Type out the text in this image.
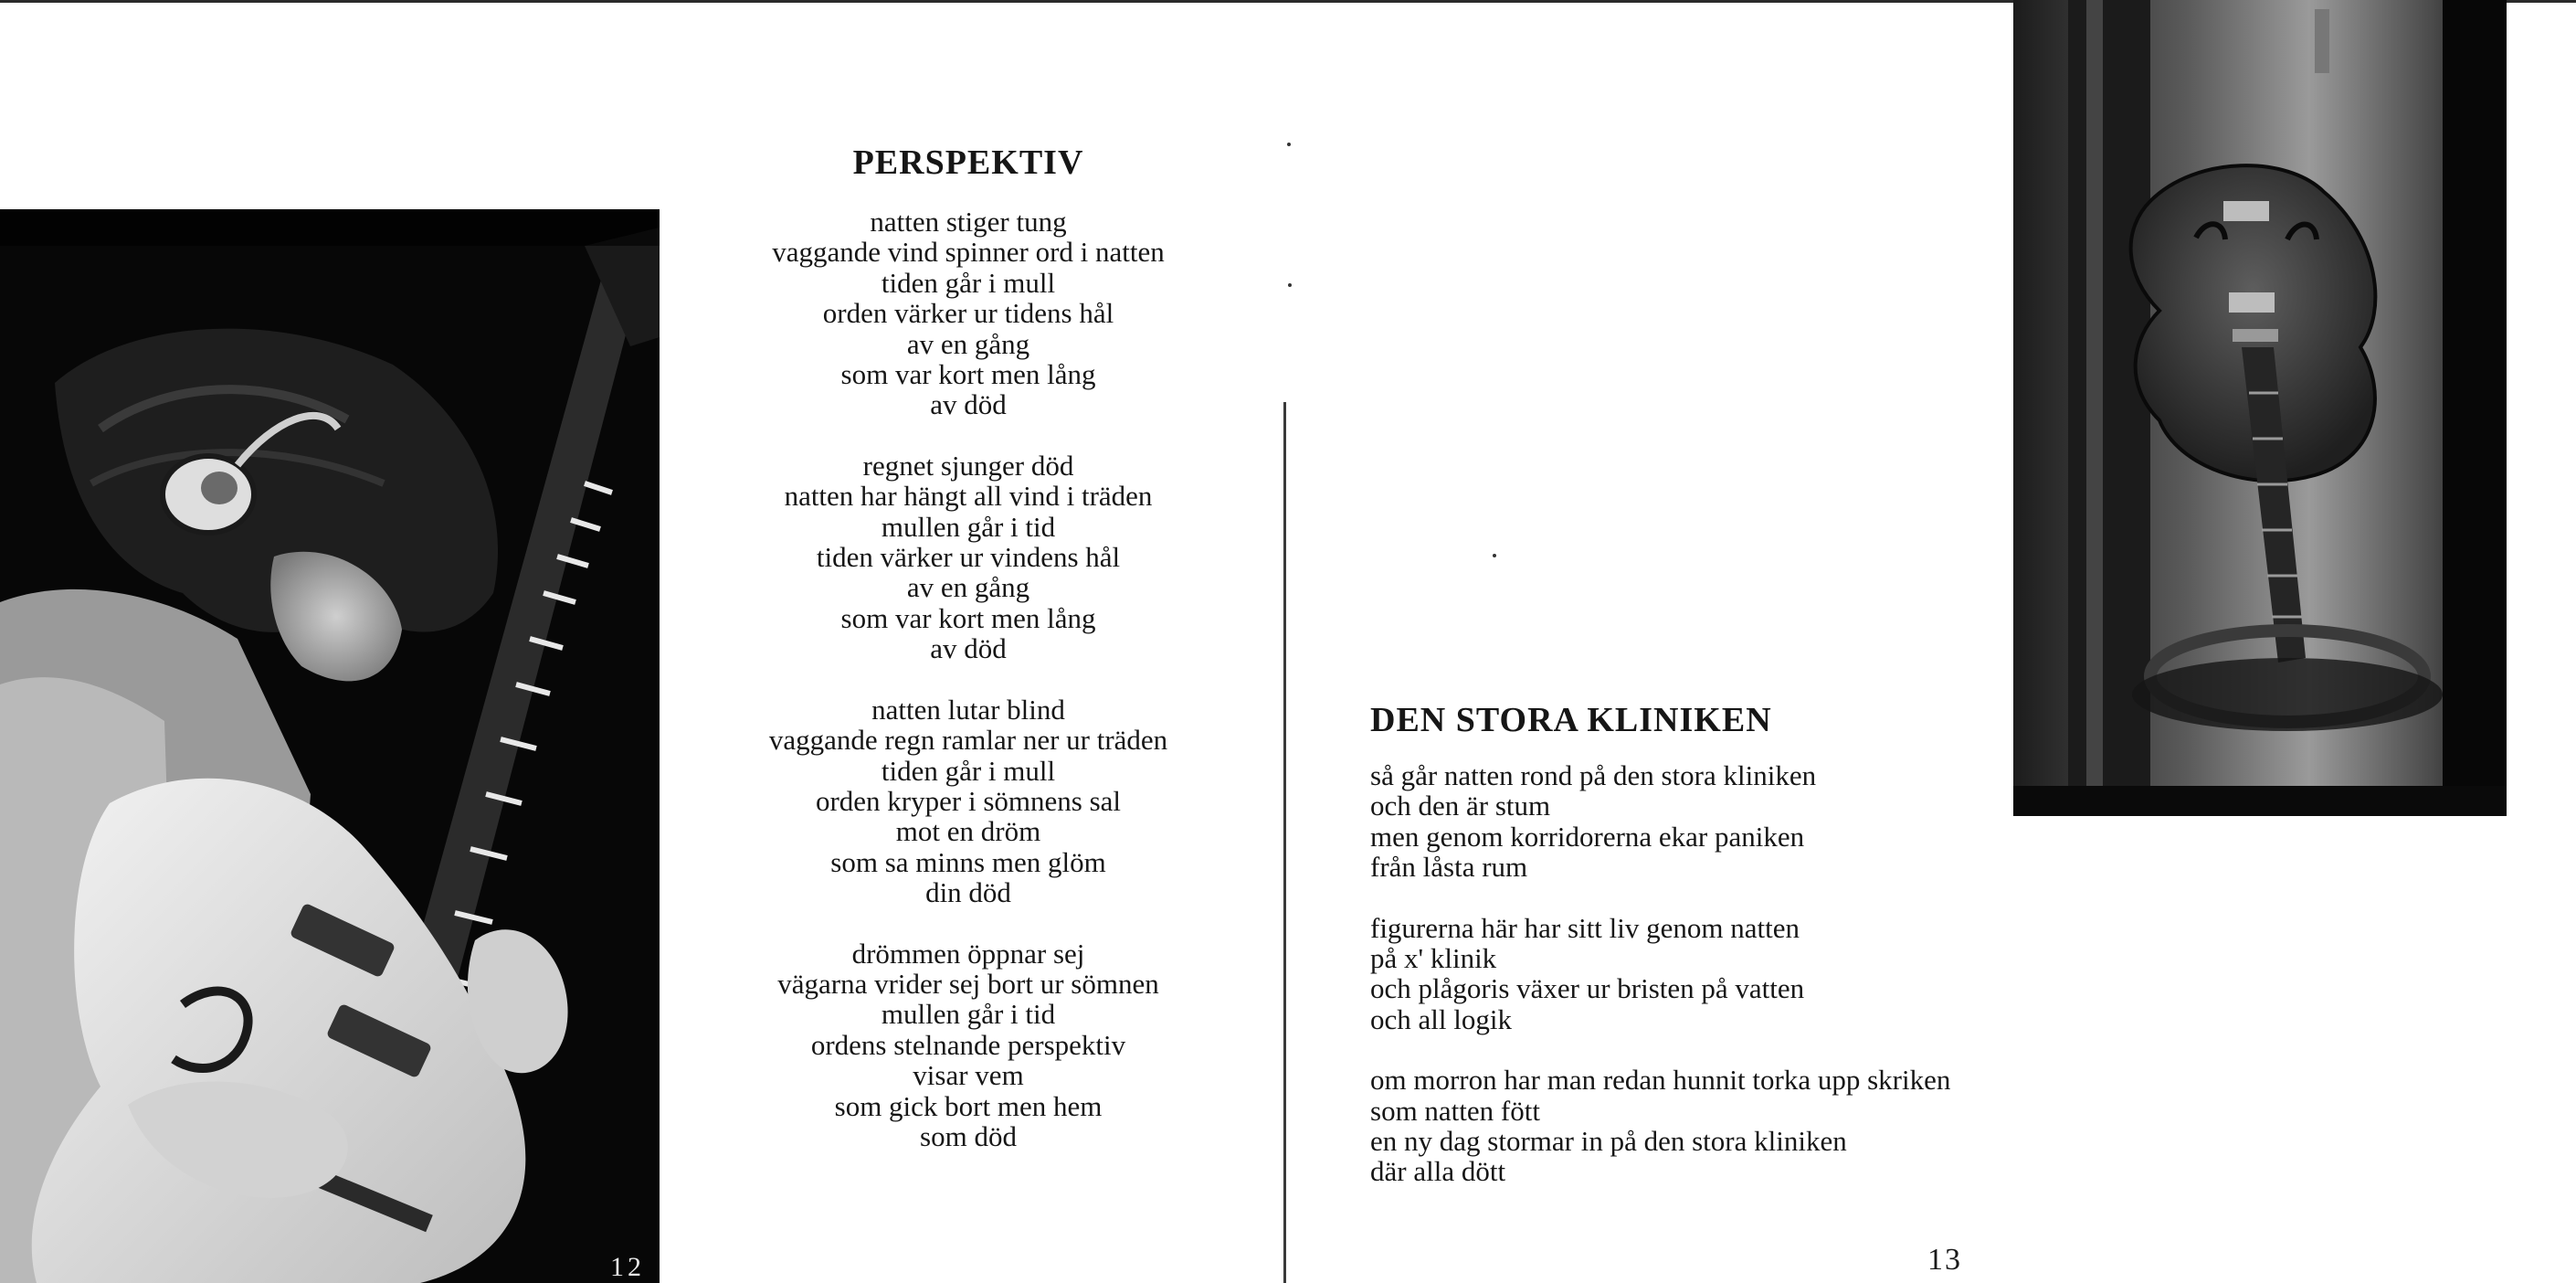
12
PERSPEKTIV
natten stiger tung
vaggande vind spinner ord i natten
tiden går i mull
orden värker ur tidens hål
av en gång
som var kort men lång
av död
regnet sjunger död
natten har hängt all vind i träden
mullen går i tid
tiden värker ur vindens hål
av en gång
som var kort men lång
av död
natten lutar blind
vaggande regn ramlar ner ur träden
tiden går i mull
orden kryper i sömnens sal
mot en dröm
som sa minns men glöm
din död
drömmen öppnar sej
vägarna vrider sej bort ur sömnen
mullen går i tid
ordens stelnande perspektiv
visar vem
som gick bort men hem
som död
DEN STORA KLINIKEN
så går natten rond på den stora kliniken
och den är stum
men genom korridorerna ekar paniken
från låsta rum
figurerna här har sitt liv genom natten
på x' klinik
och plågoris växer ur bristen på vatten
och all logik
om morron har man redan hunnit torka upp skriken
som natten fött
en ny dag stormar in på den stora kliniken
där alla dött
13
